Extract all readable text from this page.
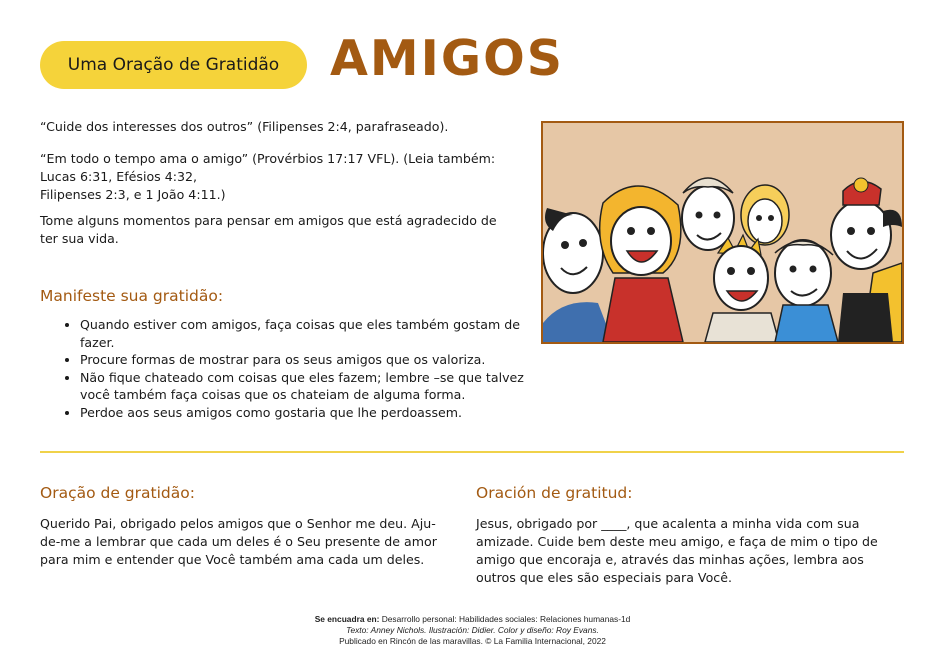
Uma Oração de Gratidão AMIGOS
“Cuide dos interesses dos outros” (Filipenses 2:4, parafraseado).
“Em todo o tempo ama o amigo” (Provérbios 17:17 VFL). (Leia também:
Lucas 6:31, Efésios 4:32,
Filipenses 2:3, e 1 João 4:11.)
Tome alguns momentos para pensar em amigos que está agradecido de
ter sua vida.
Manifeste sua gratidão:
• Quando estiver com amigos, faça coisas que eles também gostam de fazer.
• Procure formas de mostrar para os seus amigos que os valoriza.
• Não fique chateado com coisas que eles fazem; lembre –se que talvez você também faça coisas que os chateiam de alguma forma.
• Perdoe aos seus amigos como gostaria que lhe perdoassem.
Oração de gratidão:
Querido Pai, obrigado pelos amigos que o Senhor me deu. Aju-de-me a lembrar que cada um deles é o Seu presente de amor para mim e entender que Você também ama cada um deles.
Oración de gratitud:
Jesus, obrigado por ____, que acalenta a minha vida com sua amizade. Cuide bem deste meu amigo, e faça de mim o tipo de amigo que encoraja e, através das minhas ações, lembra aos outros que eles são especiais para Você.
Se encuadra en: Desarrollo personal: Habilidades sociales: Relaciones humanas-1d
Texto: Anney Nichols. Ilustración: Didier. Color y diseño: Roy Evans.
Publicado en Rincón de las maravillas. © La Familia Internacional, 2022
